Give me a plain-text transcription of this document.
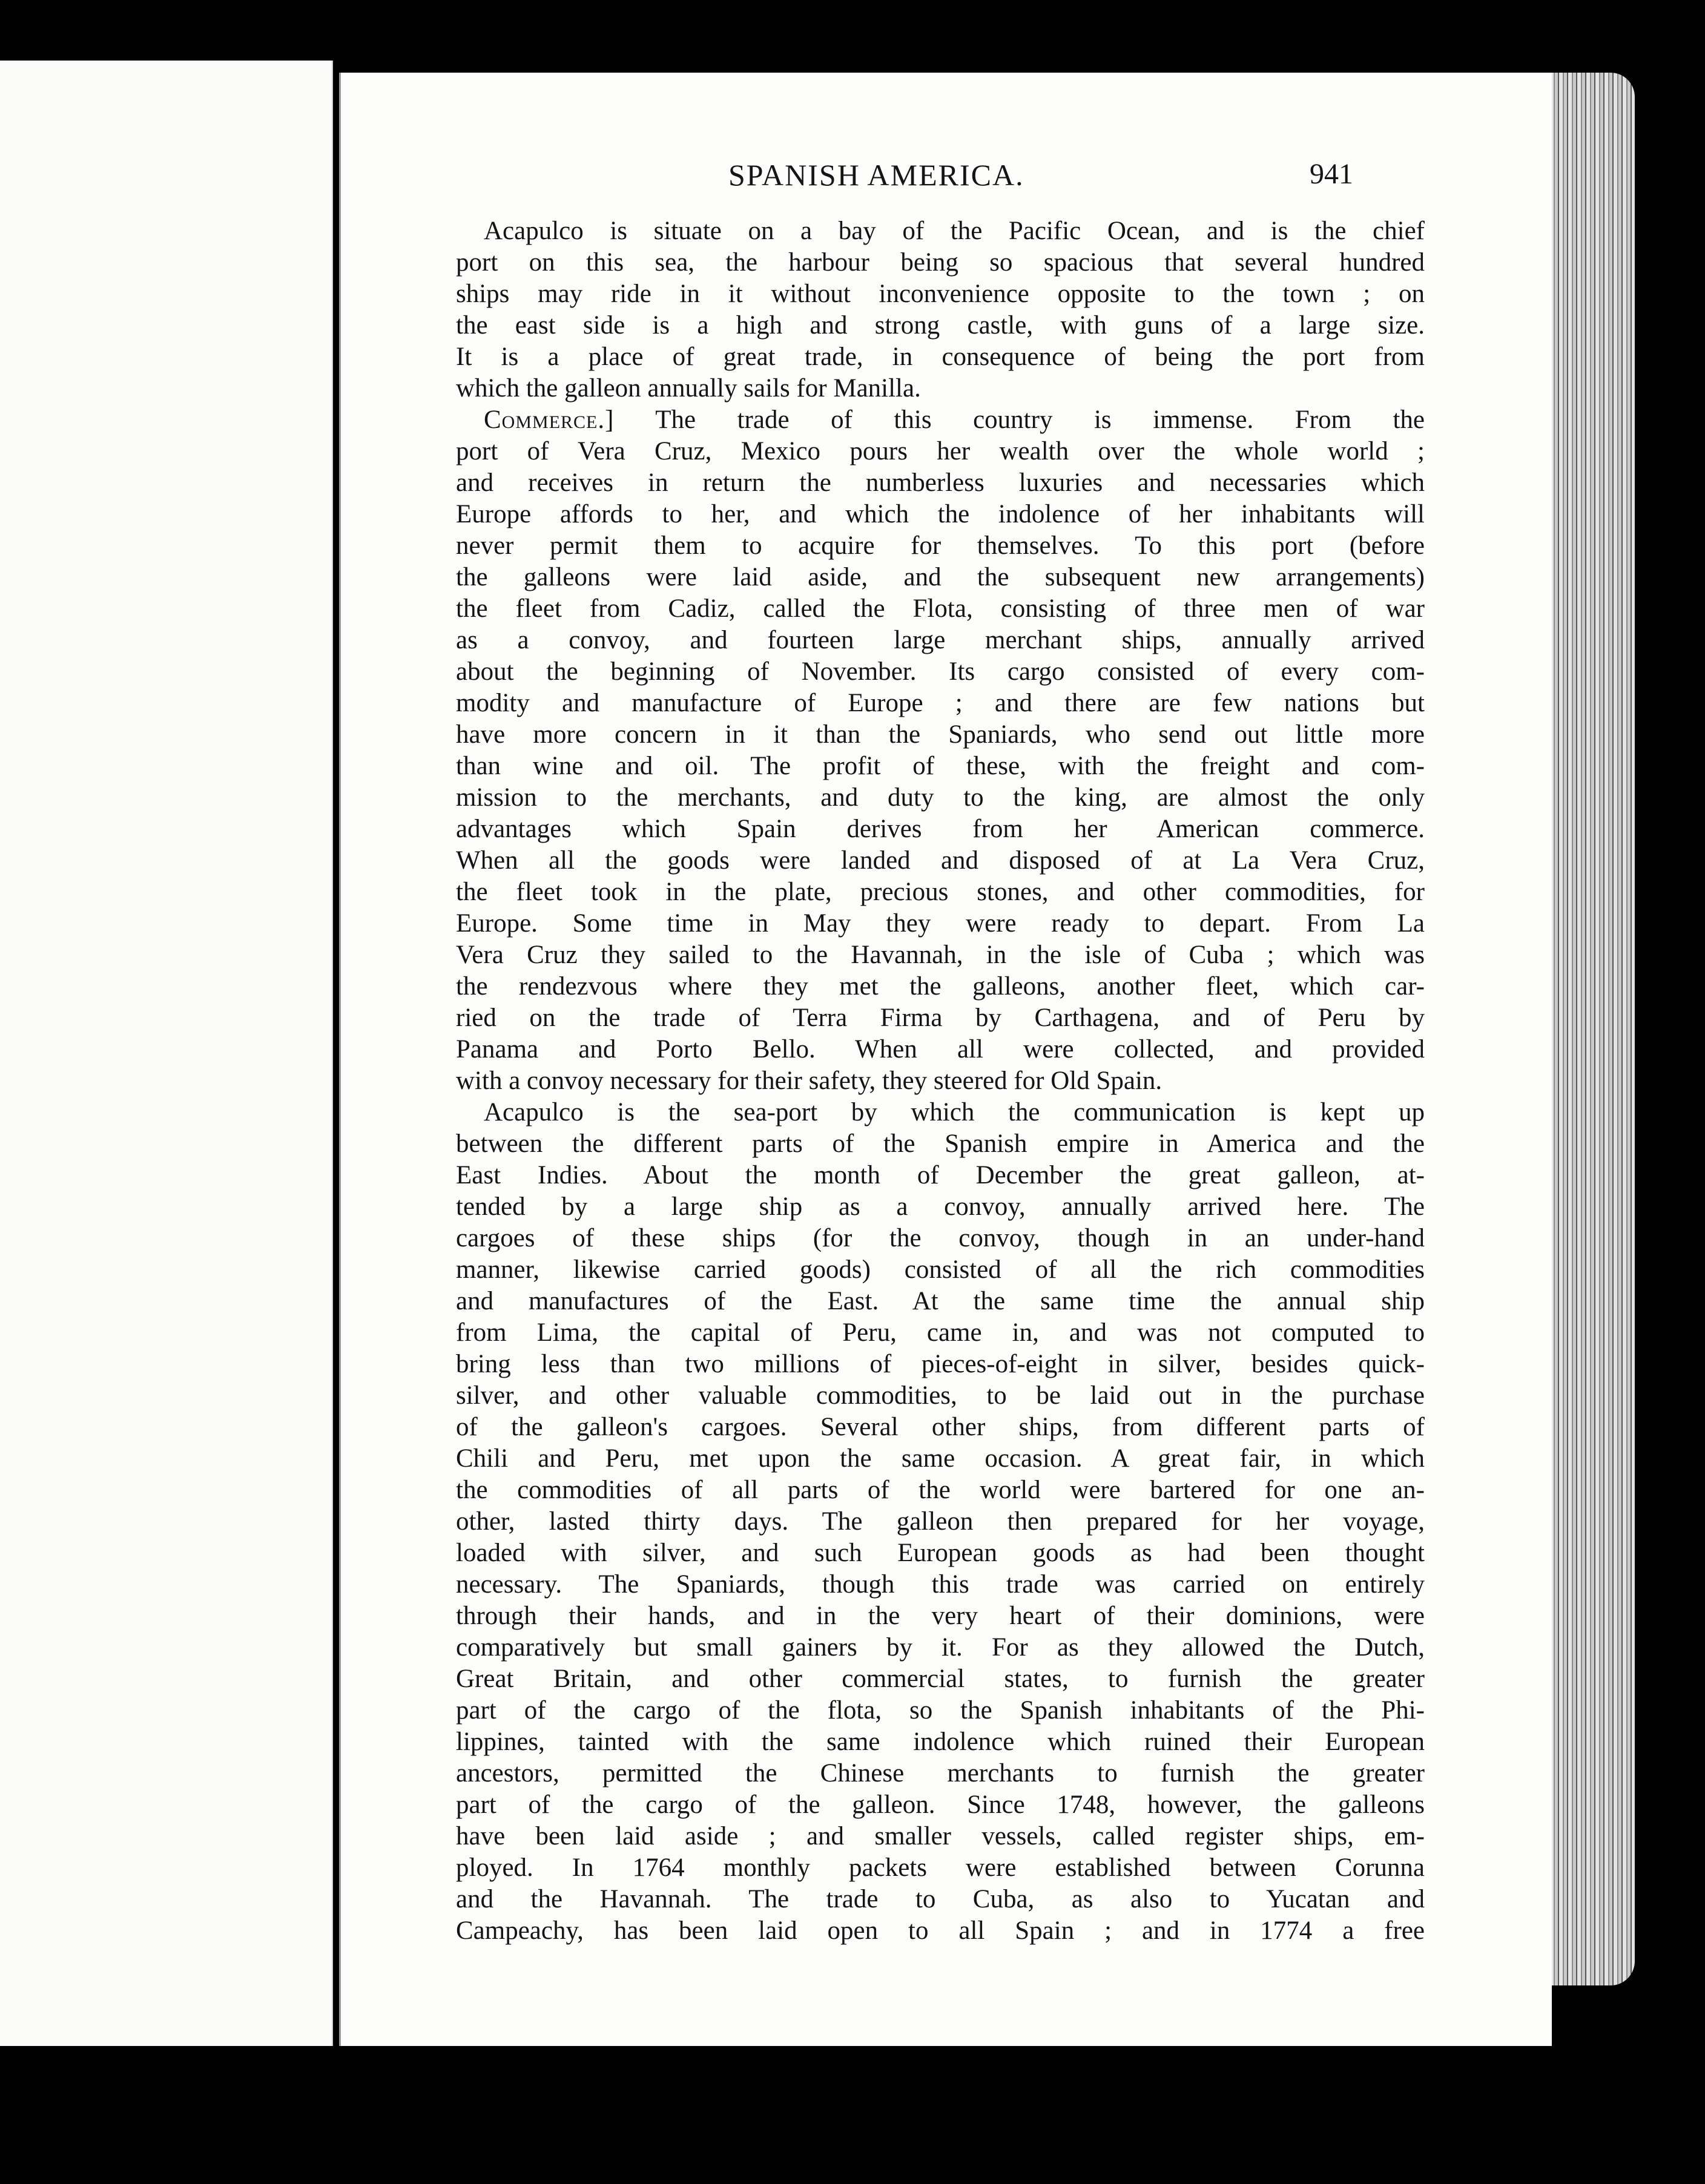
SPANISH AMERICA.	941
Acapulco is situate on a bay of the Pacific Ocean, and is the chief
port on this sea, the harbour being so spacious that several hundred
ships may ride in it without inconvenience opposite to the town ; on
the east side is a high and strong castle, with guns of a large size.
It is a place of great trade, in consequence of being the port from
which the galleon annually sails for Manilla.
Commerce.] The trade of this country is immense. From the
port of Vera Cruz, Mexico pours her wealth over the whole world ;
and receives in return the numberless luxuries and necessaries which
Europe affords to her, and which the indolence of her inhabitants will
never permit them to acquire for themselves. To this port (before
the galleons were laid aside, and the subsequent new arrangements)
the fleet from Cadiz, called the Flota, consisting of three men of war
as a convoy, and fourteen large merchant ships, annually arrived
about the beginning of November. Its cargo consisted of every com-
modity and manufacture of Europe ; and there are few nations but
have more concern in it than the Spaniards, who send out little more
than wine and oil. The profit of these, with the freight and com-
mission to the merchants, and duty to the king, are almost the only
advantages which Spain derives from her American commerce.
When all the goods were landed and disposed of at La Vera Cruz,
the fleet took in the plate, precious stones, and other commodities, for
Europe. Some time in May they were ready to depart. From La
Vera Cruz they sailed to the Havannah, in the isle of Cuba ; which was
the rendezvous where they met the galleons, another fleet, which car-
ried on the trade of Terra Firma by Carthagena, and of Peru by
Panama and Porto Bello. When all were collected, and provided
with a convoy necessary for their safety, they steered for Old Spain.
Acapulco is the sea-port by which the communication is kept up
between the different parts of the Spanish empire in America and the
East Indies. About the month of December the great galleon, at-
tended by a large ship as a convoy, annually arrived here. The
cargoes of these ships (for the convoy, though in an under-hand
manner, likewise carried goods) consisted of all the rich commodities
and manufactures of the East. At the same time the annual ship
from Lima, the capital of Peru, came in, and was not computed to
bring less than two millions of pieces-of-eight in silver, besides quick-
silver, and other valuable commodities, to be laid out in the purchase
of the galleon's cargoes. Several other ships, from different parts of
Chili and Peru, met upon the same occasion. A great fair, in which
the commodities of all parts of the world were bartered for one an-
other, lasted thirty days. The galleon then prepared for her voyage,
loaded with silver, and such European goods as had been thought
necessary. The Spaniards, though this trade was carried on entirely
through their hands, and in the very heart of their dominions, were
comparatively but small gainers by it. For as they allowed the Dutch,
Great Britain, and other commercial states, to furnish the greater
part of the cargo of the flota, so the Spanish inhabitants of the Phi-
lippines, tainted with the same indolence which ruined their European
ancestors, permitted the Chinese merchants to furnish the greater
part of the cargo of the galleon. Since 1748, however, the galleons
have been laid aside ; and smaller vessels, called register ships, em-
ployed. In 1764 monthly packets were established between Corunna
and the Havannah. The trade to Cuba, as also to Yucatan and
Campeachy, has been laid open to all Spain ; and in 1774 a free
